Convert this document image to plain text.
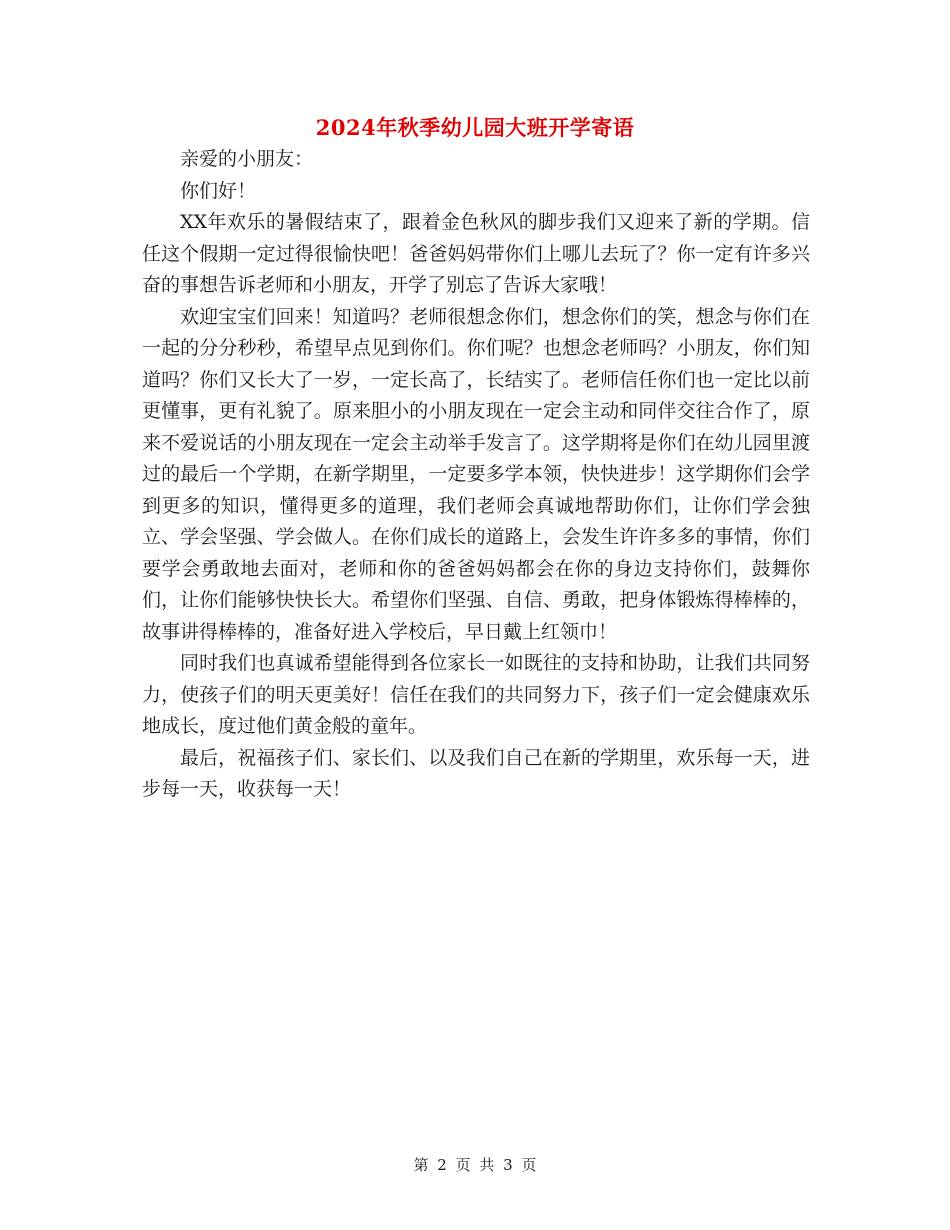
2024年秋季幼儿园大班开学寄语

亲爱的小朋友：

你们好！

XX年欢乐的暑假结束了，跟着金色秋风的脚步我们又迎来了新的学期。信任这个假期一定过得很愉快吧！爸爸妈妈带你们上哪儿去玩了？你一定有许多兴奋的事想告诉老师和小朋友，开学了别忘了告诉大家哦！

欢迎宝宝们回来！知道吗？老师很想念你们，想念你们的笑，想念与你们在一起的分分秒秒，希望早点见到你们。你们呢？也想念老师吗？小朋友，你们知道吗？你们又长大了一岁，一定长高了，长结实了。老师信任你们也一定比以前更懂事，更有礼貌了。原来胆小的小朋友现在一定会主动和同伴交往合作了，原来不爱说话的小朋友现在一定会主动举手发言了。这学期将是你们在幼儿园里渡过的最后一个学期，在新学期里，一定要多学本领，快快进步！这学期你们会学到更多的知识，懂得更多的道理，我们老师会真诚地帮助你们，让你们学会独立、学会坚强、学会做人。在你们成长的道路上，会发生许许多多的事情，你们要学会勇敢地去面对，老师和你的爸爸妈妈都会在你的身边支持你们，鼓舞你们，让你们能够快快长大。希望你们坚强、自信、勇敢，把身体锻炼得棒棒的，故事讲得棒棒的，准备好进入学校后，早日戴上红领巾！

同时我们也真诚希望能得到各位家长一如既往的支持和协助，让我们共同努力，使孩子们的明天更美好！信任在我们的共同努力下，孩子们一定会健康欢乐地成长，度过他们黄金般的童年。

最后，祝福孩子们、家长们、以及我们自己在新的学期里，欢乐每一天，进步每一天，收获每一天！

第 2 页 共 3 页
